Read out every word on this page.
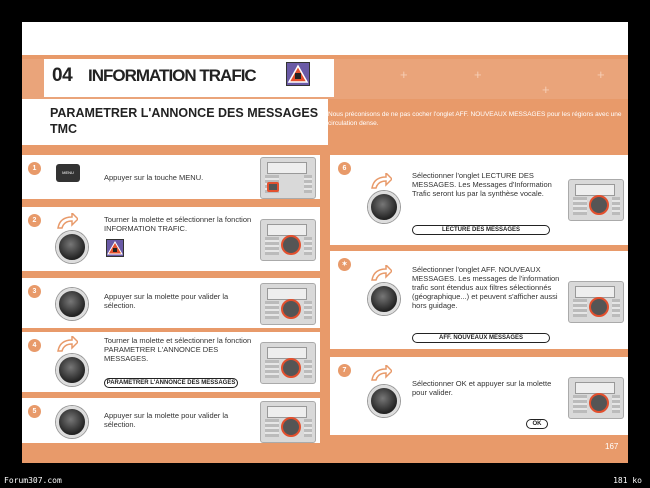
+	+
+
+
04 INFORMATION TRAFIC
PARAMETRER L'ANNONCE DES MESSAGES TMC
Nous préconisons de ne pas cocher l'onglet AFF. NOUVEAUX MESSAGES pour les régions avec une circulation dense.
1
MENU
Appuyer sur la touche MENU.
2	Tourner la molette et sélectionner la fonction INFORMATION TRAFIC.
3
Appuyer sur la molette pour valider la sélection.
4
Tourner la molette et sélectionner la fonction PARAMETRER L'ANNONCE DES MESSAGES.
PARAMETRER L'ANNONCE DES MESSAGES
5	Appuyer sur la molette pour valider la sélection.
6
Sélectionner l'onglet LECTURE DES MESSAGES. Les Messages d'Information Trafic seront lus par la synthèse vocale.
LECTURE DES MESSAGES
✶
Sélectionner l'onglet AFF. NOUVEAUX MESSAGES. Les messages de l'information trafic sont étendus aux filtres sélectionnés (géographique...) et peuvent s'afficher aussi hors guidage.
AFF. NOUVEAUX MESSAGES
7
Sélectionner OK et appuyer sur la molette pour valider.
OK
167
Forum307.com	181 ko
